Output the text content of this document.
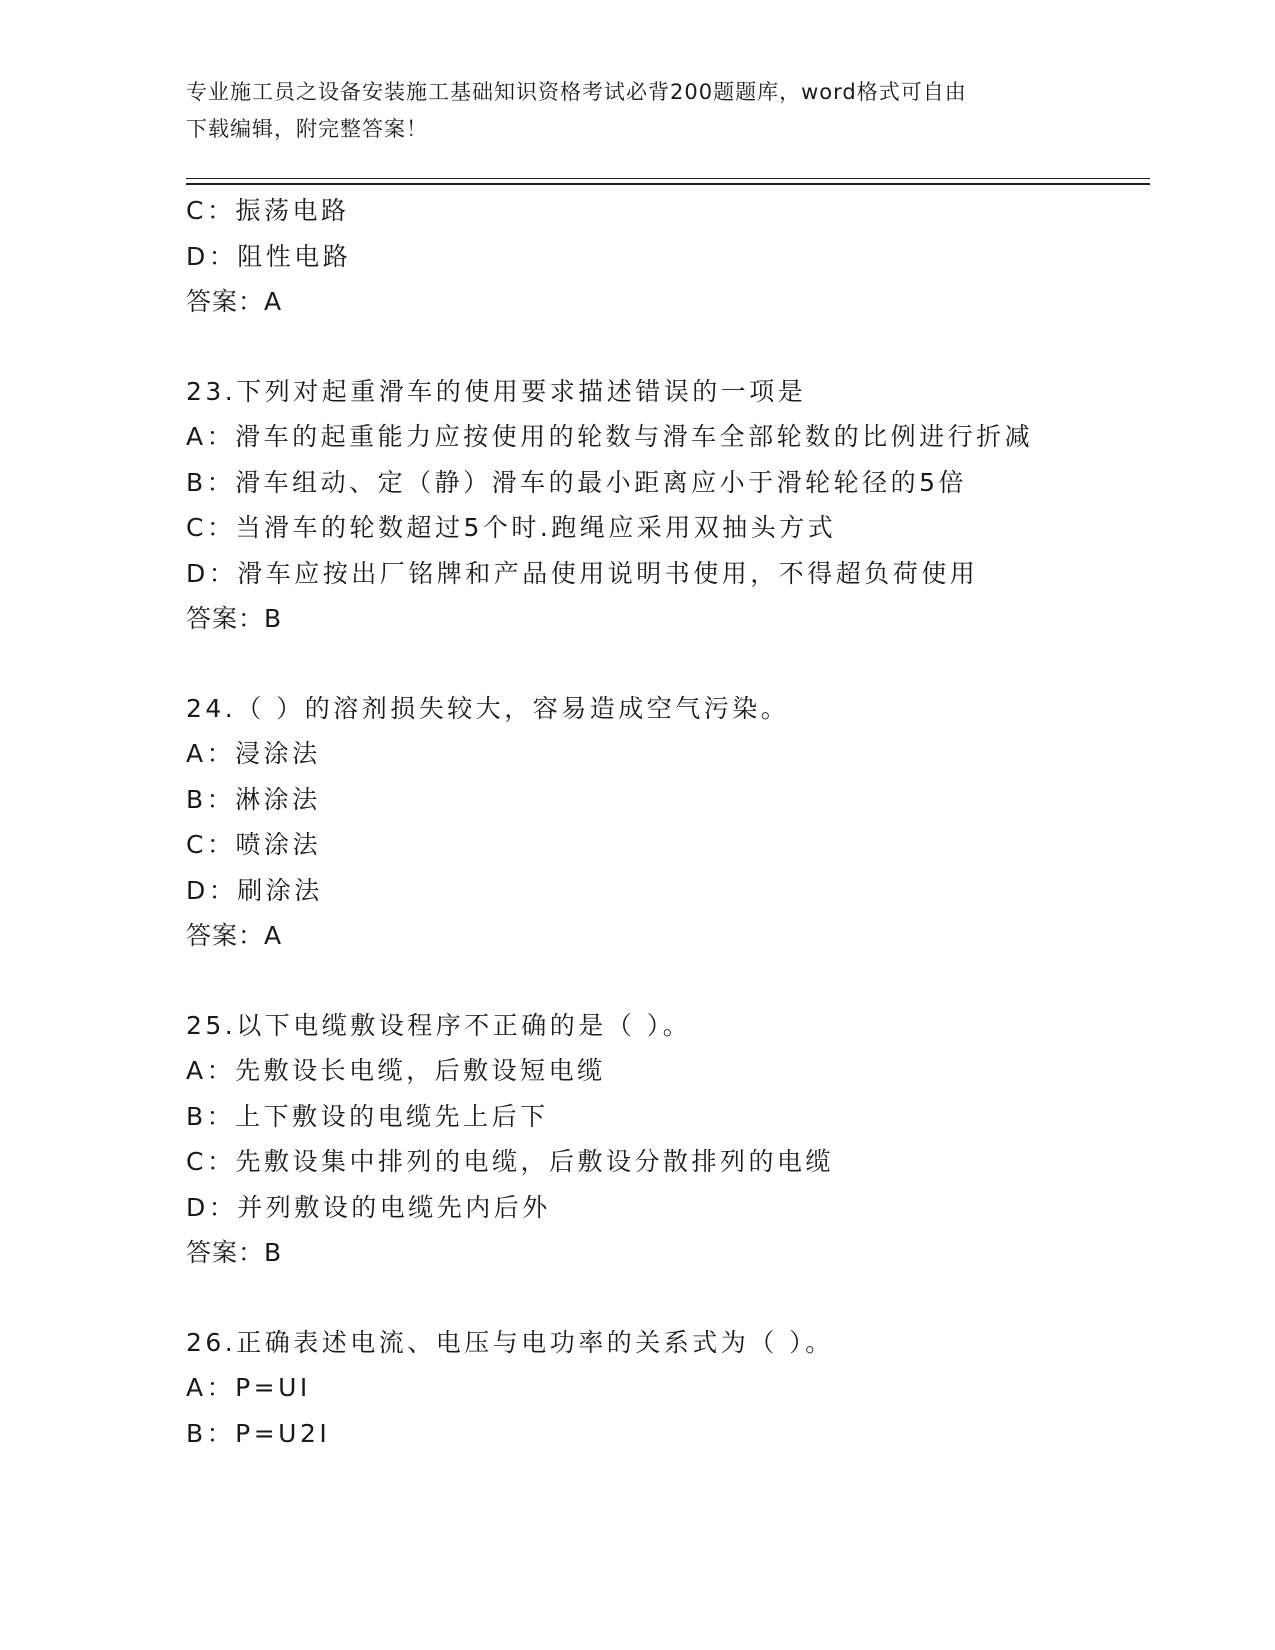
专业施工员之设备安装施工基础知识资格考试必背200题题库，word格式可自由
下载编辑，附完整答案！
C：振荡电路
D：阻性电路
答案：A
23.下列对起重滑车的使用要求描述错误的一项是
A：滑车的起重能力应按使用的轮数与滑车全部轮数的比例进行折减
B：滑车组动、定（静）滑车的最小距离应小于滑轮轮径的5倍
C：当滑车的轮数超过5个时.跑绳应采用双抽头方式
D：滑车应按出厂铭牌和产品使用说明书使用，不得超负荷使用
答案：B
24.（ ）的溶剂损失较大，容易造成空气污染。
A：浸涂法
B：淋涂法
C：喷涂法
D：刷涂法
答案：A
25.以下电缆敷设程序不正确的是（ ）。
A：先敷设长电缆，后敷设短电缆
B：上下敷设的电缆先上后下
C：先敷设集中排列的电缆，后敷设分散排列的电缆
D：并列敷设的电缆先内后外
答案：B
26.正确表述电流、电压与电功率的关系式为（ ）。
A：P=UI
B：P=U2I
